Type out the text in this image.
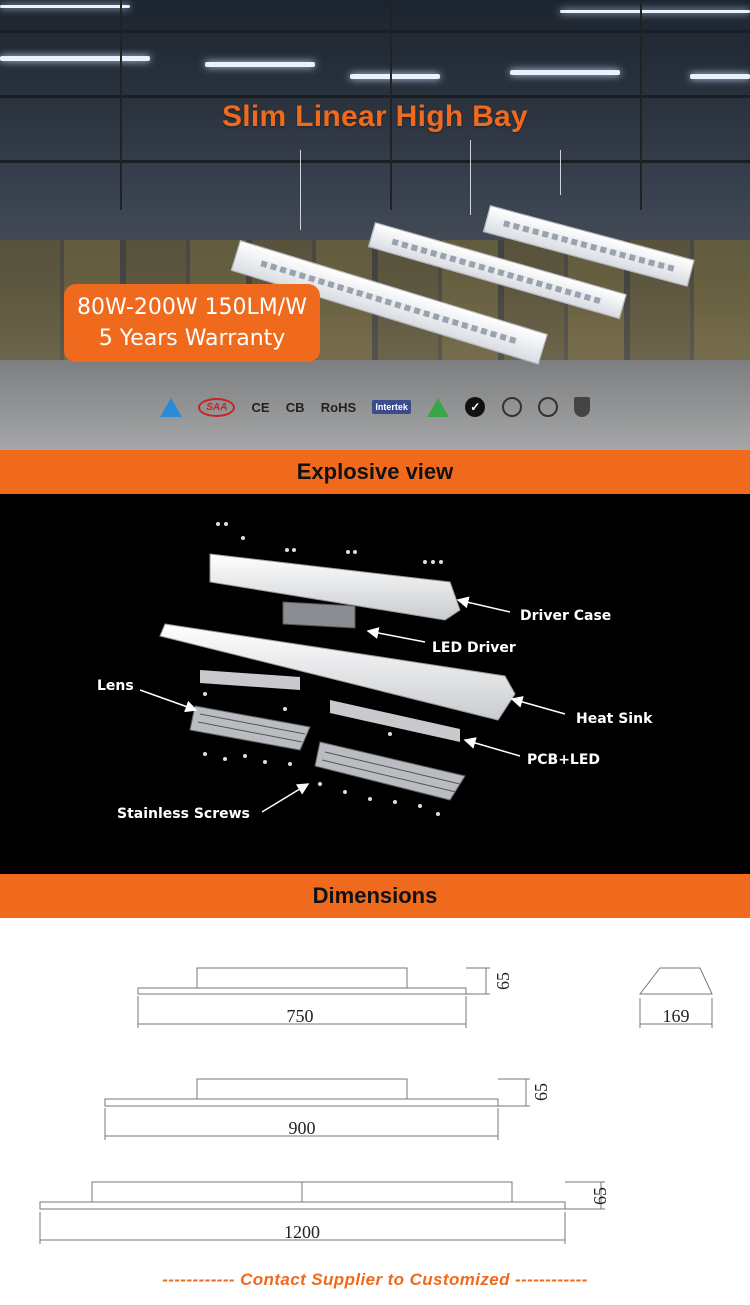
Slim Linear High Bay
80W-200W 150LM/W
5 Years Warranty
SAA	CE CB RoHS	Intertek	✓
Explosive view
Driver Case
LED Driver
Lens
Heat Sink
PCB+LED
Stainless Screws
Dimensions
750	169
900
1200
65
65
65
------------ Contact Supplier to Customized ------------
